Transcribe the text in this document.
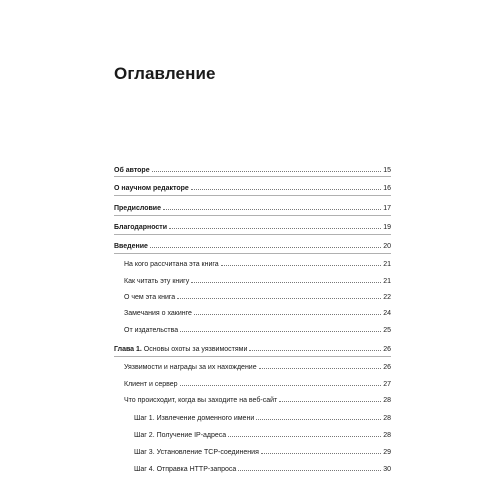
Оглавление
Об авторе	15
О научном редакторе	16
Предисловие	17
Благодарности	19
Введение	20
На кого рассчитана эта книга	21
Как читать эту книгу	21
О чем эта книга	22
Замечания о хакинге	24
От издательства	25
Глава 1. Основы охоты за уязвимостями	26
Уязвимости и награды за их нахождение	26
Клиент и сервер	27
Что происходит, когда вы заходите на веб-сайт	28
Шаг 1. Извлечение доменного имени	28
Шаг 2. Получение IP-адреса	28
Шаг 3. Установление TCP-соединения	29
Шаг 4. Отправка HTTP-запроса	30
